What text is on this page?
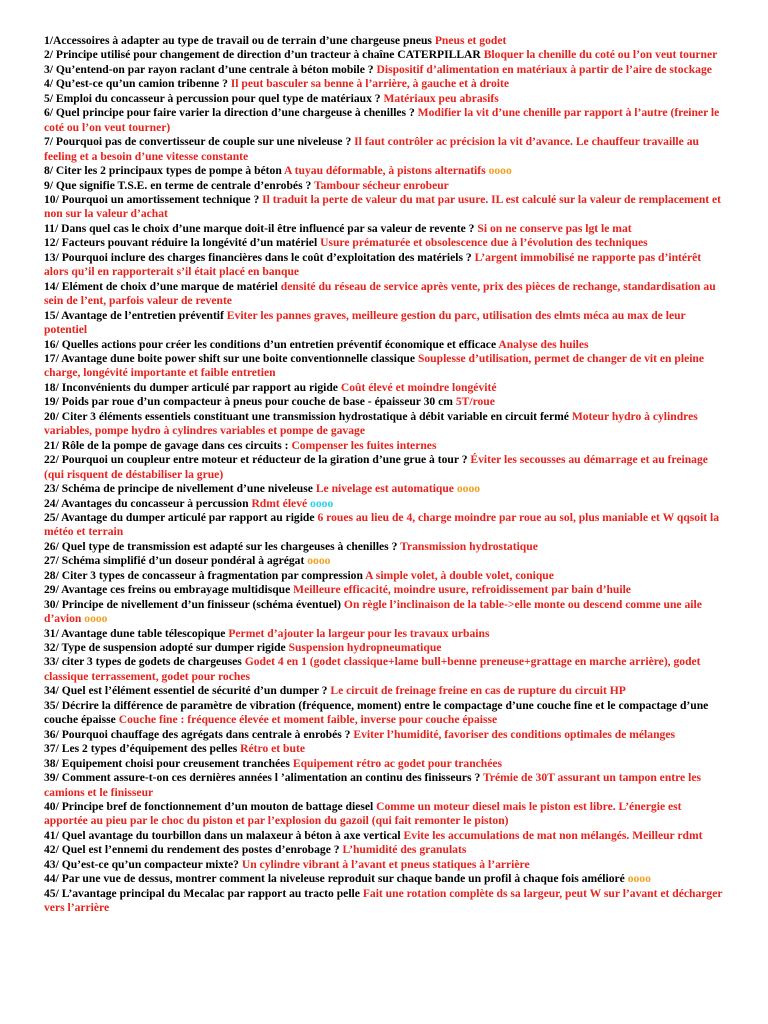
1/Accessoires à adapter au type de travail ou de terrain d’une chargeuse pneus Pneus et godet

2/ Principe utilisé pour changement de direction d’un tracteur à chaîne CATERPILLAR Bloquer la chenille du coté ou l’on veut tourner

3/ Qu’entend-on par rayon raclant d’une centrale à béton mobile ? Dispositif d’alimentation en matériaux à partir de l’aire de stockage

4/ Qu’est-ce qu’un camion tribenne ? Il peut basculer sa benne à l’arrière, à gauche et à droite

5/ Emploi du concasseur à percussion pour quel type de matériaux ? Matériaux peu abrasifs

6/ Quel principe pour faire varier la direction d’une chargeuse à chenilles ? Modifier la vit d’une chenille par rapport à l’autre (freiner le coté ou l’on veut tourner)

7/ Pourquoi pas de convertisseur de couple sur une niveleuse ? Il faut contrôler ac précision la vit d’avance. Le chauffeur travaille au feeling et a besoin d’une vitesse constante

8/ Citer les 2 principaux types de pompe à béton A tuyau déformable, à pistons alternatifs oooo

9/ Que signifie T.S.E. en terme de centrale d’enrobés ? Tambour sécheur enrobeur

10/ Pourquoi un amortissement technique ? Il traduit la perte de valeur du mat par usure. IL est calculé sur la valeur de remplacement et non sur la valeur d’achat

11/ Dans quel cas le choix d’une marque doit-il être influencé par sa valeur de revente ? Si on ne conserve pas lgt le mat

12/ Facteurs pouvant réduire la longévité d’un matériel Usure prématurée et obsolescence due à l’évolution des techniques

13/ Pourquoi inclure des charges financières dans le coût d’exploitation des matériels ? L’argent immobilisé ne rapporte pas d’intérêt alors qu’il en rapporterait s’il était placé en banque

14/ Elément de choix d’une marque de matériel densité du réseau de service après vente, prix des pièces de rechange, standardisation au sein de l’ent, parfois valeur de revente

15/ Avantage de l’entretien préventif Eviter les pannes graves, meilleure gestion du parc, utilisation des elmts méca au max de leur potentiel

16/ Quelles actions pour créer les conditions d’un entretien préventif économique et efficace Analyse des huiles

17/ Avantage dune boite power shift sur une boite conventionnelle classique Souplesse d’utilisation, permet de changer de vit en pleine charge, longévité importante et faible entretien

18/ Inconvénients du dumper articulé par rapport au rigide Coût élevé et moindre longévité

19/ Poids par roue d’un compacteur à pneus pour couche de base - épaisseur 30 cm 5T/roue

20/ Citer 3 éléments essentiels constituant une transmission hydrostatique à débit variable en circuit fermé Moteur hydro à cylindres variables, pompe hydro à cylindres variables et pompe de gavage

21/ Rôle de la pompe de gavage dans ces circuits : Compenser les fuites internes

22/ Pourquoi un coupleur entre moteur et réducteur de la giration d’une grue à tour ? Éviter les secousses au démarrage et au freinage (qui risquent de déstabiliser la grue)

23/ Schéma de principe de nivellement d’une niveleuse Le nivelage est automatique oooo

24/ Avantages du concasseur à percussion Rdmt élevé oooo

25/ Avantage du dumper articulé par rapport au rigide 6 roues au lieu de 4, charge moindre par roue au sol, plus maniable et W qqsoit la météo et terrain

26/ Quel type de transmission est adapté sur les chargeuses à chenilles ? Transmission hydrostatique

27/ Schéma simplifié d’un doseur pondéral à agrégat oooo

28/ Citer 3 types de concasseur à fragmentation par compression A simple volet, à double volet, conique

29/ Avantage ces freins ou embrayage multidisque Meilleure efficacité, moindre usure, refroidissement par bain d’huile

30/ Principe de nivellement d’un finisseur (schéma éventuel) On règle l’inclinaison de la table->elle monte ou descend comme une aile d’avion oooo

31/ Avantage dune table télescopique Permet d’ajouter la largeur pour les travaux urbains

32/ Type de suspension adopté sur dumper rigide Suspension hydropneumatique

33/ citer 3 types de godets de chargeuses Godet 4 en 1 (godet classique+lame bull+benne preneuse+grattage en marche arrière), godet classique terrassement, godet pour roches

34/ Quel est l’élément essentiel de sécurité d’un dumper ? Le circuit de freinage freine en cas de rupture du circuit HP

35/ Décrire la différence de paramètre de vibration (fréquence, moment) entre le compactage d’une couche fine et le compactage d’une couche épaisse Couche fine : fréquence élevée et moment faible, inverse pour couche épaisse

36/ Pourquoi chauffage des agrégats dans centrale à enrobés ? Eviter l’humidité, favoriser des conditions optimales de mélanges

37/ Les 2 types d’équipement des pelles Rétro et bute

38/ Equipement choisi pour creusement tranchées Equipement rétro ac godet pour tranchées

39/ Comment assure-t-on ces dernières années l ’alimentation an continu des finisseurs ? Trémie de 30T assurant un tampon entre les camions et le finisseur

40/ Principe bref de fonctionnement d’un mouton de battage diesel Comme un moteur diesel mais le piston est libre. L’énergie est apportée au pieu par le choc du piston et par l’explosion du gazoil (qui fait remonter le piston)

41/ Quel avantage du tourbillon dans un malaxeur à béton à axe vertical Evite les accumulations de mat non mélangés. Meilleur rdmt

42/ Quel est l’ennemi du rendement des postes d’enrobage ? L’humidité des granulats

43/ Qu’est-ce qu’un compacteur mixte? Un cylindre vibrant à l’avant et pneus statiques à l’arrière

44/ Par une vue de dessus, montrer comment la niveleuse reproduit sur chaque bande un profil à chaque fois amélioré oooo

45/ L’avantage principal du Mecalac par rapport au tracto pelle Fait une rotation complète ds sa largeur, peut W sur l’avant et décharger vers l’arrière
